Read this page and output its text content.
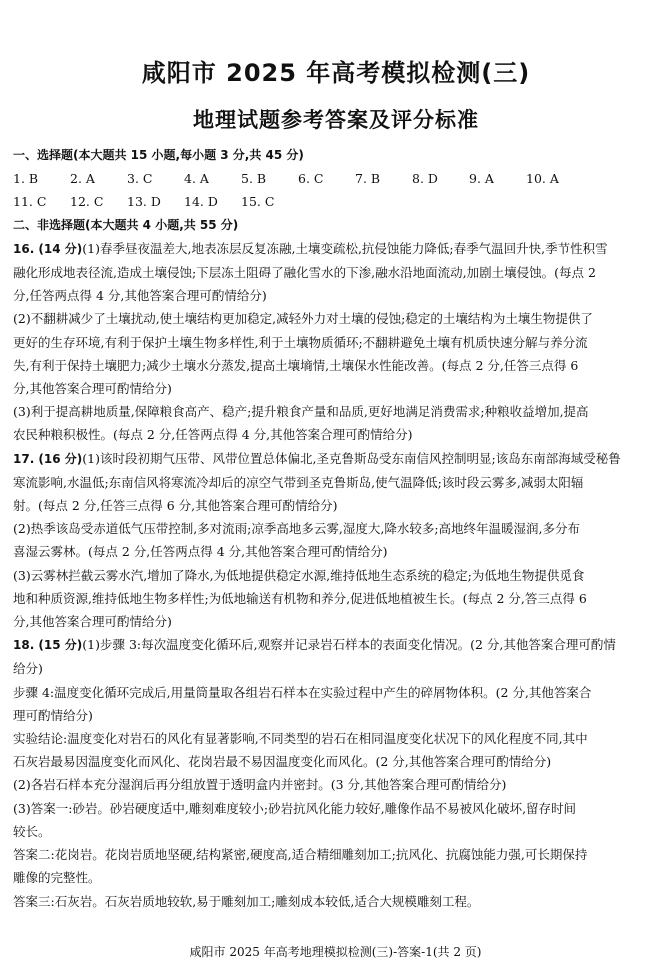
咸阳市 2025 年高考模拟检测(三)
地理试题参考答案及评分标准
一、选择题(本大题共 15 小题,每小题 3 分,共 45 分)
1. B	2. A	3. C	4. A	5. B	6. C	7. B	8. D	9. A	10. A
11. C	12. C	13. D	14. D	15. C
二、非选择题(本大题共 4 小题,共 55 分)
16. (14 分)(1)春季昼夜温差大,地表冻层反复冻融,土壤变疏松,抗侵蚀能力降低;春季气温回升快,季节性积雪
融化形成地表径流,造成土壤侵蚀;下层冻土阻碍了融化雪水的下渗,融水沿地面流动,加剧土壤侵蚀。(每点 2
分,任答两点得 4 分,其他答案合理可酌情给分)
(2)不翻耕减少了土壤扰动,使土壤结构更加稳定,减轻外力对土壤的侵蚀;稳定的土壤结构为土壤生物提供了
更好的生存环境,有利于保护土壤生物多样性,利于土壤物质循环;不翻耕避免土壤有机质快速分解与养分流
失,有利于保持土壤肥力;减少土壤水分蒸发,提高土壤墒情,土壤保水性能改善。(每点 2 分,任答三点得 6
分,其他答案合理可酌情给分)
(3)利于提高耕地质量,保障粮食高产、稳产;提升粮食产量和品质,更好地满足消费需求;种粮收益增加,提高
农民种粮积极性。(每点 2 分,任答两点得 4 分,其他答案合理可酌情给分)
17. (16 分)(1)该时段初期气压带、风带位置总体偏北,圣克鲁斯岛受东南信风控制明显;该岛东南部海域受秘鲁
寒流影响,水温低;东南信风将寒流冷却后的凉空气带到圣克鲁斯岛,使气温降低;该时段云雾多,减弱太阳辐
射。(每点 2 分,任答三点得 6 分,其他答案合理可酌情给分)
(2)热季该岛受赤道低气压带控制,多对流雨;凉季高地多云雾,湿度大,降水较多;高地终年温暖湿润,多分布
喜湿云雾林。(每点 2 分,任答两点得 4 分,其他答案合理可酌情给分)
(3)云雾林拦截云雾水汽,增加了降水,为低地提供稳定水源,维持低地生态系统的稳定;为低地生物提供觅食
地和种质资源,维持低地生物多样性;为低地输送有机物和养分,促进低地植被生长。(每点 2 分,答三点得 6
分,其他答案合理可酌情给分)
18. (15 分)(1)步骤 3:每次温度变化循环后,观察并记录岩石样本的表面变化情况。(2 分,其他答案合理可酌情
给分)
步骤 4:温度变化循环完成后,用量筒量取各组岩石样本在实验过程中产生的碎屑物体积。(2 分,其他答案合
理可酌情给分)
实验结论:温度变化对岩石的风化有显著影响,不同类型的岩石在相同温度变化状况下的风化程度不同,其中
石灰岩最易因温度变化而风化、花岗岩最不易因温度变化而风化。(2 分,其他答案合理可酌情给分)
(2)各岩石样本充分湿润后再分组放置于透明盒内并密封。(3 分,其他答案合理可酌情给分)
(3)答案一:砂岩。砂岩硬度适中,雕刻难度较小;砂岩抗风化能力较好,雕像作品不易被风化破坏,留存时间
较长。
答案二:花岗岩。花岗岩质地坚硬,结构紧密,硬度高,适合精细雕刻加工;抗风化、抗腐蚀能力强,可长期保持
雕像的完整性。
答案三:石灰岩。石灰岩质地较软,易于雕刻加工;雕刻成本较低,适合大规模雕刻工程。
咸阳市 2025 年高考地理模拟检测(三)-答案-1(共 2 页)
